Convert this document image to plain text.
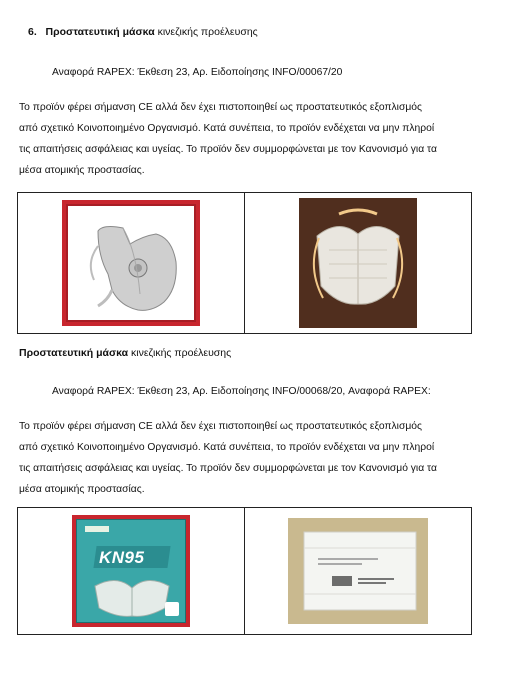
6. Προστατευτική μάσκα κινεζικής προέλευσης
Αναφορά RAPEX: Έκθεση 23, Αρ. Ειδοποίησης INFO/00067/20
Το προϊόν φέρει σήμανση CE αλλά δεν έχει πιστοποιηθεί ως προστατευτικός εξοπλισμός
από σχετικό Κοινοποιημένο Οργανισμό. Κατά συνέπεια, το προϊόν ενδέχεται να μην πληροί
τις απαιτήσεις ασφάλειας και υγείας. Το προϊόν δεν συμμορφώνεται με τον Κανονισμό για τα
μέσα ατομικής προστασίας.
Προστατευτική μάσκα κινεζικής προέλευσης
Αναφορά RAPEX: Έκθεση 23, Αρ. Ειδοποίησης INFO/00068/20, Αναφορά RAPEX:
Το προϊόν φέρει σήμανση CE αλλά δεν έχει πιστοποιηθεί ως προστατευτικός εξοπλισμός
από σχετικό Κοινοποιημένο Οργανισμό. Κατά συνέπεια, το προϊόν ενδέχεται να μην πληροί
τις απαιτήσεις ασφάλειας και υγείας. Το προϊόν δεν συμμορφώνεται με τον Κανονισμό για τα
μέσα ατομικής προστασίας.
KN95
